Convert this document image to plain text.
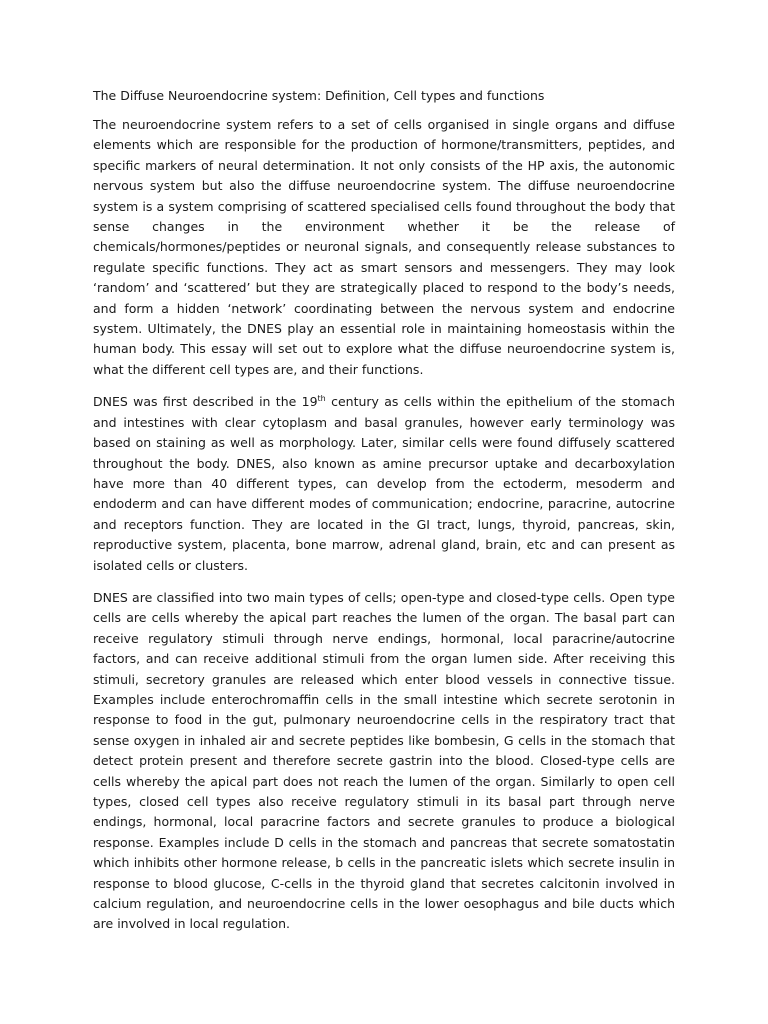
The Diffuse Neuroendocrine system: Definition, Cell types and functions

The neuroendocrine system refers to a set of cells organised in single organs and diffuse elements which are responsible for the production of hormone/transmitters, peptides, and specific markers of neural determination. It not only consists of the HP axis, the autonomic nervous system but also the diffuse neuroendocrine system. The diffuse neuroendocrine system is a system comprising of scattered specialised cells found throughout the body that sense changes in the environment whether it be the release of chemicals/hormones/peptides or neuronal signals, and consequently release substances to regulate specific functions. They act as smart sensors and messengers. They may look ‘random’ and ‘scattered’ but they are strategically placed to respond to the body’s needs, and form a hidden ‘network’ coordinating between the nervous system and endocrine system. Ultimately, the DNES play an essential role in maintaining homeostasis within the human body. This essay will set out to explore what the diffuse neuroendocrine system is, what the different cell types are, and their functions.

DNES was first described in the 19th century as cells within the epithelium of the stomach and intestines with clear cytoplasm and basal granules, however early terminology was based on staining as well as morphology. Later, similar cells were found diffusely scattered throughout the body. DNES, also known as amine precursor uptake and decarboxylation have more than 40 different types, can develop from the ectoderm, mesoderm and endoderm and can have different modes of communication; endocrine, paracrine, autocrine and receptors function. They are located in the GI tract, lungs, thyroid, pancreas, skin, reproductive system, placenta, bone marrow, adrenal gland, brain, etc and can present as isolated cells or clusters.

DNES are classified into two main types of cells; open-type and closed-type cells. Open type cells are cells whereby the apical part reaches the lumen of the organ. The basal part can receive regulatory stimuli through nerve endings, hormonal, local paracrine/autocrine factors, and can receive additional stimuli from the organ lumen side. After receiving this stimuli, secretory granules are released which enter blood vessels in connective tissue. Examples include enterochromaffin cells in the small intestine which secrete serotonin in response to food in the gut, pulmonary neuroendocrine cells in the respiratory tract that sense oxygen in inhaled air and secrete peptides like bombesin, G cells in the stomach that detect protein present and therefore secrete gastrin into the blood. Closed-type cells are cells whereby the apical part does not reach the lumen of the organ. Similarly to open cell types, closed cell types also receive regulatory stimuli in its basal part through nerve endings, hormonal, local paracrine factors and secrete granules to produce a biological response. Examples include D cells in the stomach and pancreas that secrete somatostatin which inhibits other hormone release, b cells in the pancreatic islets which secrete insulin in response to blood glucose, C-cells in the thyroid gland that secretes calcitonin involved in calcium regulation, and neuroendocrine cells in the lower oesophagus and bile ducts which are involved in local regulation.
